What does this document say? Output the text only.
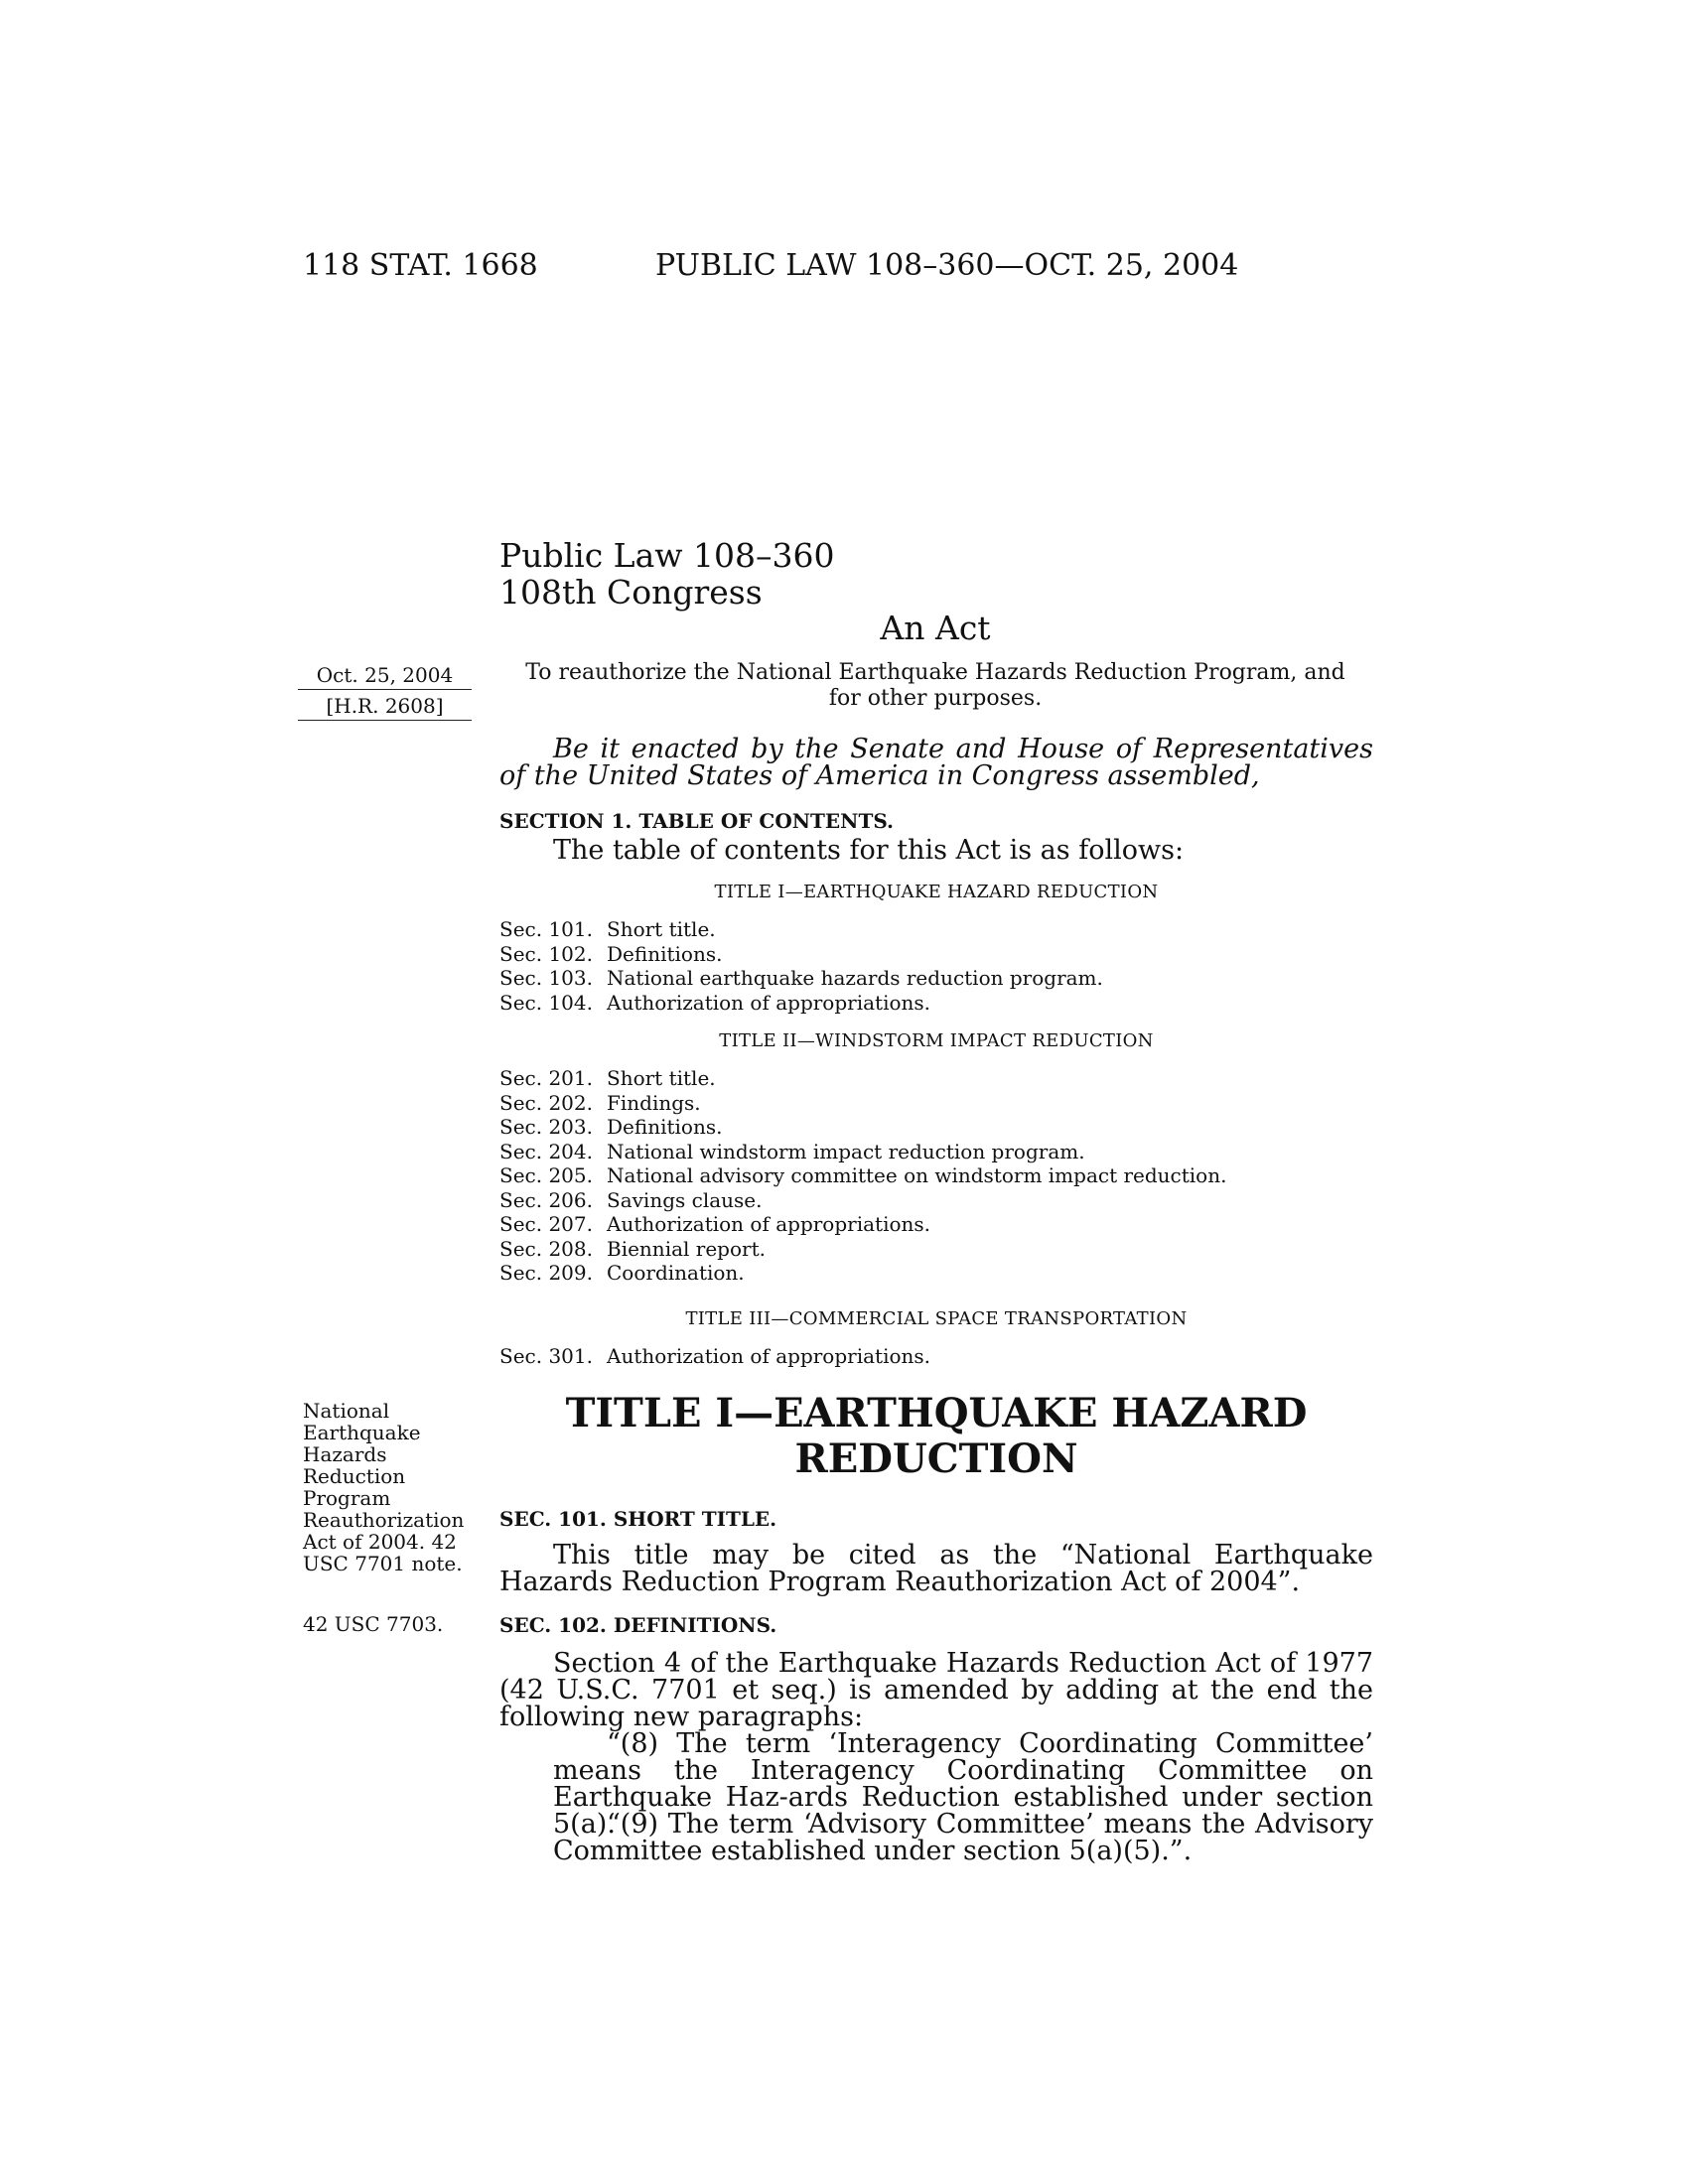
118 STAT. 1668	PUBLIC LAW 108–360—OCT. 25, 2004
Public Law 108–360
108th Congress
An Act
Oct. 25, 2004
[H.R. 2608]
To reauthorize the National Earthquake Hazards Reduction Program, and for other purposes.
Be it enacted by the Senate and House of Representatives of the United States of America in Congress assembled,
SECTION 1. TABLE OF CONTENTS.
The table of contents for this Act is as follows:
TITLE I—EARTHQUAKE HAZARD REDUCTION
Sec. 101. Short title.
Sec. 102. Definitions.
Sec. 103. National earthquake hazards reduction program.
Sec. 104. Authorization of appropriations.
TITLE II—WINDSTORM IMPACT REDUCTION
Sec. 201. Short title.
Sec. 202. Findings.
Sec. 203. Definitions.
Sec. 204. National windstorm impact reduction program.
Sec. 205. National advisory committee on windstorm impact reduction.
Sec. 206. Savings clause.
Sec. 207. Authorization of appropriations.
Sec. 208. Biennial report.
Sec. 209. Coordination.
TITLE III—COMMERCIAL SPACE TRANSPORTATION
Sec. 301. Authorization of appropriations.
TITLE I—EARTHQUAKE HAZARD REDUCTION
National Earthquake Hazards Reduction Program Reauthorization Act of 2004. 42 USC 7701 note.
42 USC 7703.
SEC. 101. SHORT TITLE.
This title may be cited as the “National Earthquake Hazards Reduction Program Reauthorization Act of 2004”.
SEC. 102. DEFINITIONS.
Section 4 of the Earthquake Hazards Reduction Act of 1977 (42 U.S.C. 7701 et seq.) is amended by adding at the end the following new paragraphs:
“(8) The term ‘Interagency Coordinating Committee’ means the Interagency Coordinating Committee on Earthquake Haz-ards Reduction established under section 5(a).
“(9) The term ‘Advisory Committee’ means the Advisory Committee established under section 5(a)(5).”.
